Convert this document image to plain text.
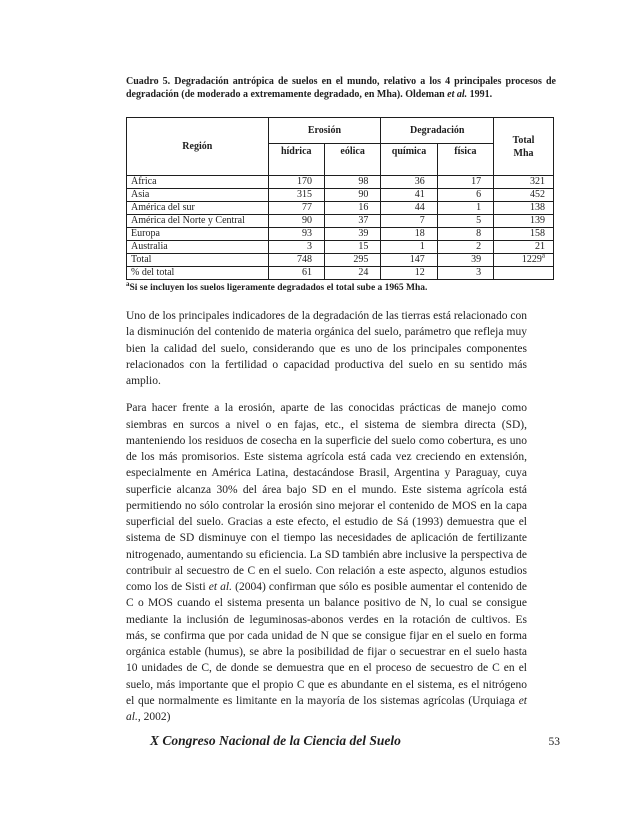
Cuadro 5. Degradación antrópica de suelos en el mundo, relativo a los 4 principales procesos de degradación (de moderado a extremamente degradado, en Mha). Oldeman et al. 1991.

Región	Erosión		Degradación		Total
Mha
	hídrica	eólica	química	física	
África	170	98	36	17	321
Asia	315	90	41	6	452
América del sur	77	16	44	1	138
América del Norte y Central	90	37	7	5	139
Europa	93	39	18	8	158
Australia	3	15	1	2	21
Total	748	295	147	39	1229$^a$
% del total	61	24	12	3	

$^a$Si se incluyen los suelos ligeramente degradados el total sube a 1965 Mha.

Uno de los principales indicadores de la degradación de las tierras está relacionado con la disminución del contenido de materia orgánica del suelo, parámetro que refleja muy bien la calidad del suelo, considerando que es uno de los principales componentes relacionados con la fertilidad o capacidad productiva del suelo en su sentido más amplio.

Para hacer frente a la erosión, aparte de las conocidas prácticas de manejo como siembras en surcos a nivel o en fajas, etc., el sistema de siembra directa (SD), manteniendo los residuos de cosecha en la superficie del suelo como cobertura, es uno de los más promisorios. Este sistema agrícola está cada vez creciendo en extensión, especialmente en América Latina, destacándose Brasil, Argentina y Paraguay, cuya superficie alcanza 30% del área bajo SD en el mundo. Este sistema agrícola está permitiendo no sólo controlar la erosión sino mejorar el contenido de MOS en la capa superficial del suelo. Gracias a este efecto, el estudio de Sá (1993) demuestra que el sistema de SD disminuye con el tiempo las necesidades de aplicación de fertilizante nitrogenado, aumentando su eficiencia. La SD también abre inclusive la perspectiva de contribuir al secuestro de C en el suelo. Con relación a este aspecto, algunos estudios como los de Sisti et al. (2004) confirman que sólo es posible aumentar el contenido de C o MOS cuando el sistema presenta un balance positivo de N, lo cual se consigue mediante la inclusión de leguminosas-abonos verdes en la rotación de cultivos. Es más, se confirma que por cada unidad de N que se consigue fijar en el suelo en forma orgánica estable (humus), se abre la posibilidad de fijar o secuestrar en el suelo hasta 10 unidades de C, de donde se demuestra que en el proceso de secuestro de C en el suelo, más importante que el propio C que es abundante en el sistema, es el nitrógeno el que normalmente es limitante en la mayoría de los sistemas agrícolas (Urquiaga et al., 2002)

X Congreso Nacional de la Ciencia del Suelo	53
